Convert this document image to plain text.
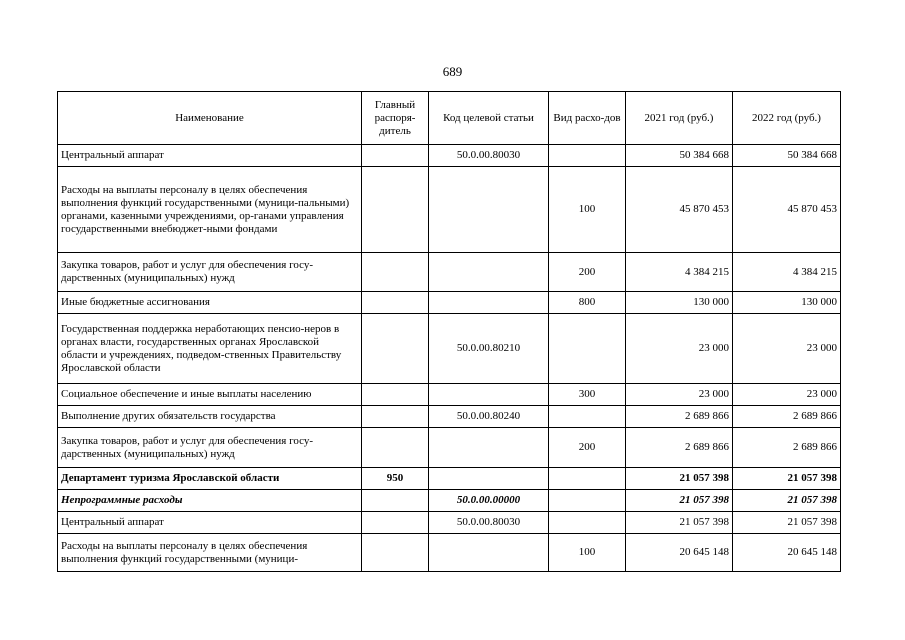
689
Наименование	Главный распоря-дитель	Код целевой статьи	Вид расхо-дов	2021 год (руб.)	2022 год (руб.)
Центральный аппарат		50.0.00.80030		50 384 668	50 384 668
Расходы на выплаты персоналу в целях обеспечения выполнения функций государственными (муници-пальными) органами, казенными учреждениями, ор-ганами управления государственными внебюджет-ными фондами			100	45 870 453	45 870 453
Закупка товаров, работ и услуг для обеспечения госу-дарственных (муниципальных) нужд			200	4 384 215	4 384 215
Иные бюджетные ассигнования			800	130 000	130 000
Государственная поддержка неработающих пенсио-неров в органах власти, государственных органах Ярославской области и учреждениях, подведом-ственных Правительству Ярославской области		50.0.00.80210		23 000	23 000
Социальное обеспечение и иные выплаты населению			300	23 000	23 000
Выполнение других обязательств государства		50.0.00.80240		2 689 866	2 689 866
Закупка товаров, работ и услуг для обеспечения госу-дарственных (муниципальных) нужд			200	2 689 866	2 689 866
Департамент туризма Ярославской области	950			21 057 398	21 057 398
Непрограммные расходы		50.0.00.00000		21 057 398	21 057 398
Центральный аппарат		50.0.00.80030		21 057 398	21 057 398
Расходы на выплаты персоналу в целях обеспечения выполнения функций государственными (муници-			100	20 645 148	20 645 148
